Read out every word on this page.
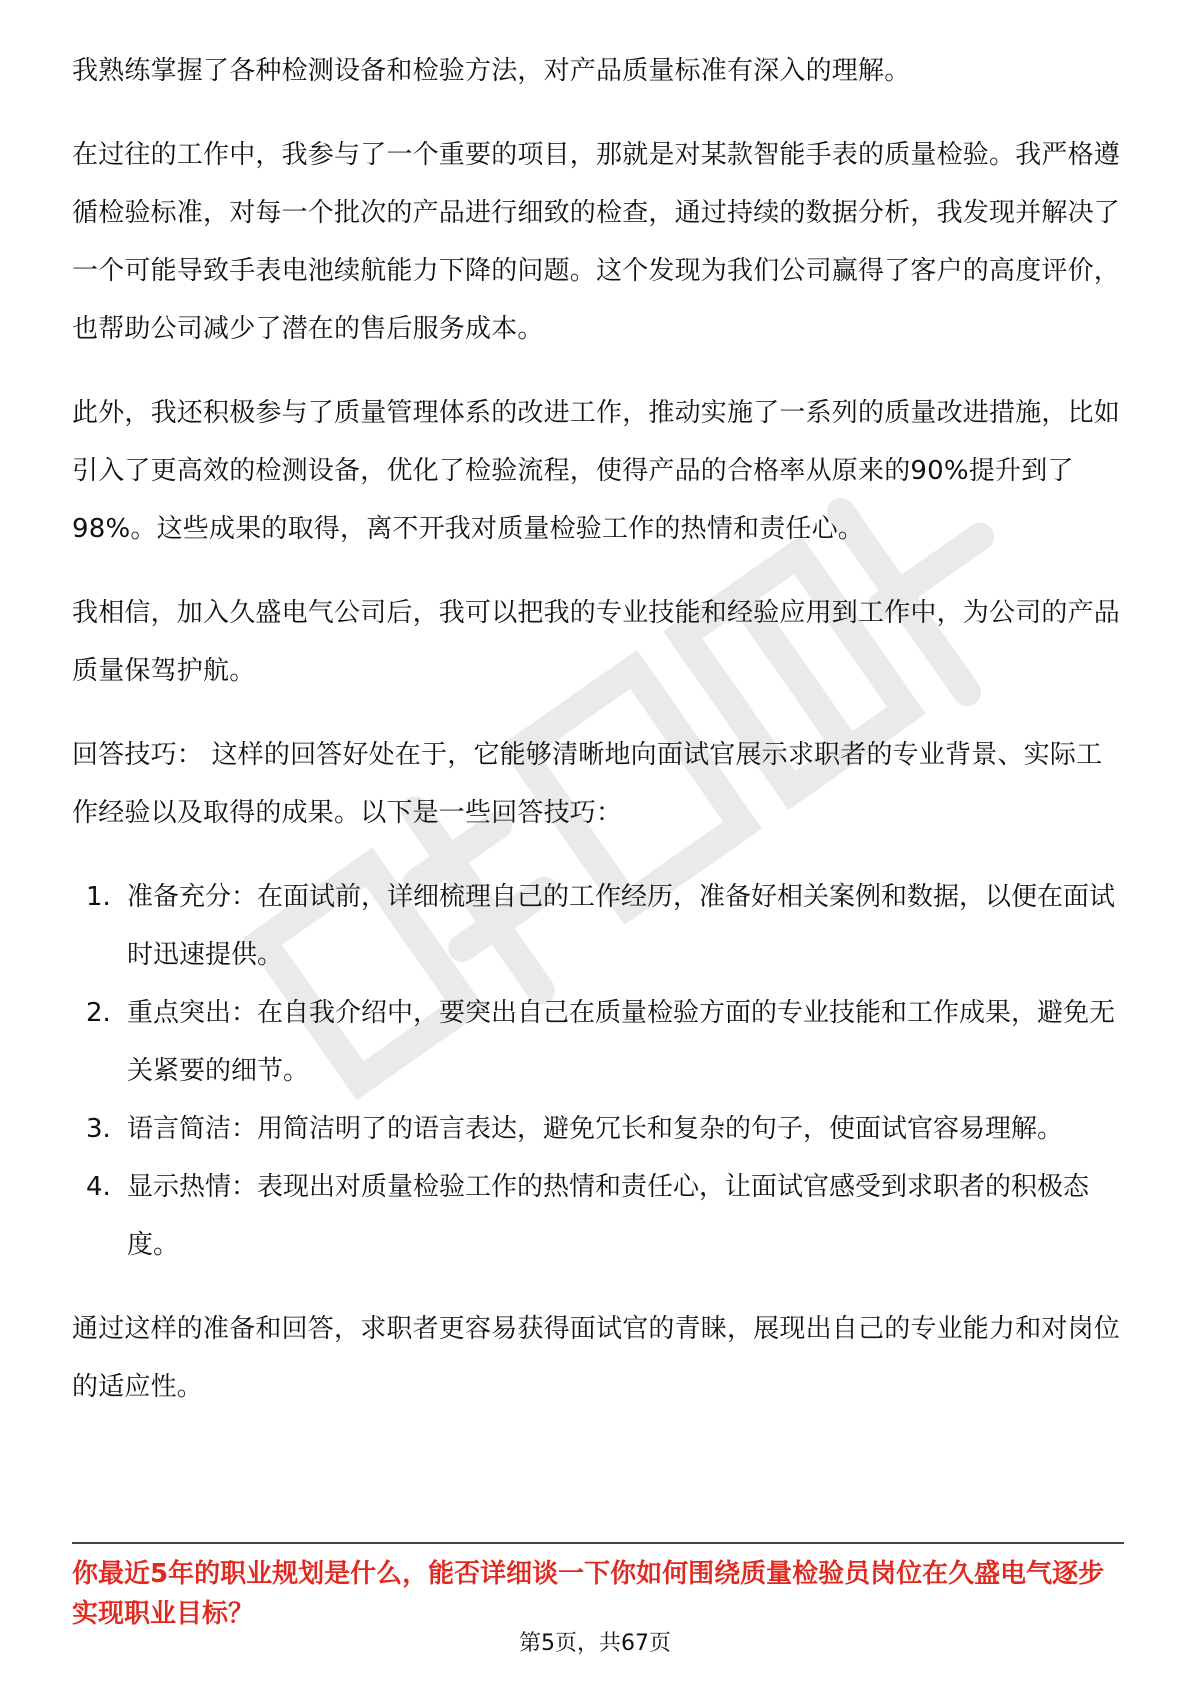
我熟练掌握了各种检测设备和检验方法，对产品质量标准有深入的理解。

在过往的工作中，我参与了一个重要的项目，那就是对某款智能手表的质量检验。我严格遵循检验标准，对每一个批次的产品进行细致的检查，通过持续的数据分析，我发现并解决了一个可能导致手表电池续航能力下降的问题。这个发现为我们公司赢得了客户的高度评价，也帮助公司减少了潜在的售后服务成本。

此外，我还积极参与了质量管理体系的改进工作，推动实施了一系列的质量改进措施，比如引入了更高效的检测设备，优化了检验流程，使得产品的合格率从原来的90%提升到了98%。这些成果的取得，离不开我对质量检验工作的热情和责任心。

我相信，加入久盛电气公司后，我可以把我的专业技能和经验应用到工作中，为公司的产品质量保驾护航。

回答技巧： 这样的回答好处在于，它能够清晰地向面试官展示求职者的专业背景、实际工作经验以及取得的成果。以下是一些回答技巧：

1. 准备充分：在面试前，详细梳理自己的工作经历，准备好相关案例和数据，以便在面试时迅速提供。
2. 重点突出：在自我介绍中，要突出自己在质量检验方面的专业技能和工作成果，避免无关紧要的细节。
3. 语言简洁：用简洁明了的语言表达，避免冗长和复杂的句子，使面试官容易理解。
4. 显示热情：表现出对质量检验工作的热情和责任心，让面试官感受到求职者的积极态度。

通过这样的准备和回答，求职者更容易获得面试官的青睐，展现出自己的专业能力和对岗位的适应性。

你最近5年的职业规划是什么，能否详细谈一下你如何围绕质量检验员岗位在久盛电气逐步实现职业目标？

第5页，共67页
